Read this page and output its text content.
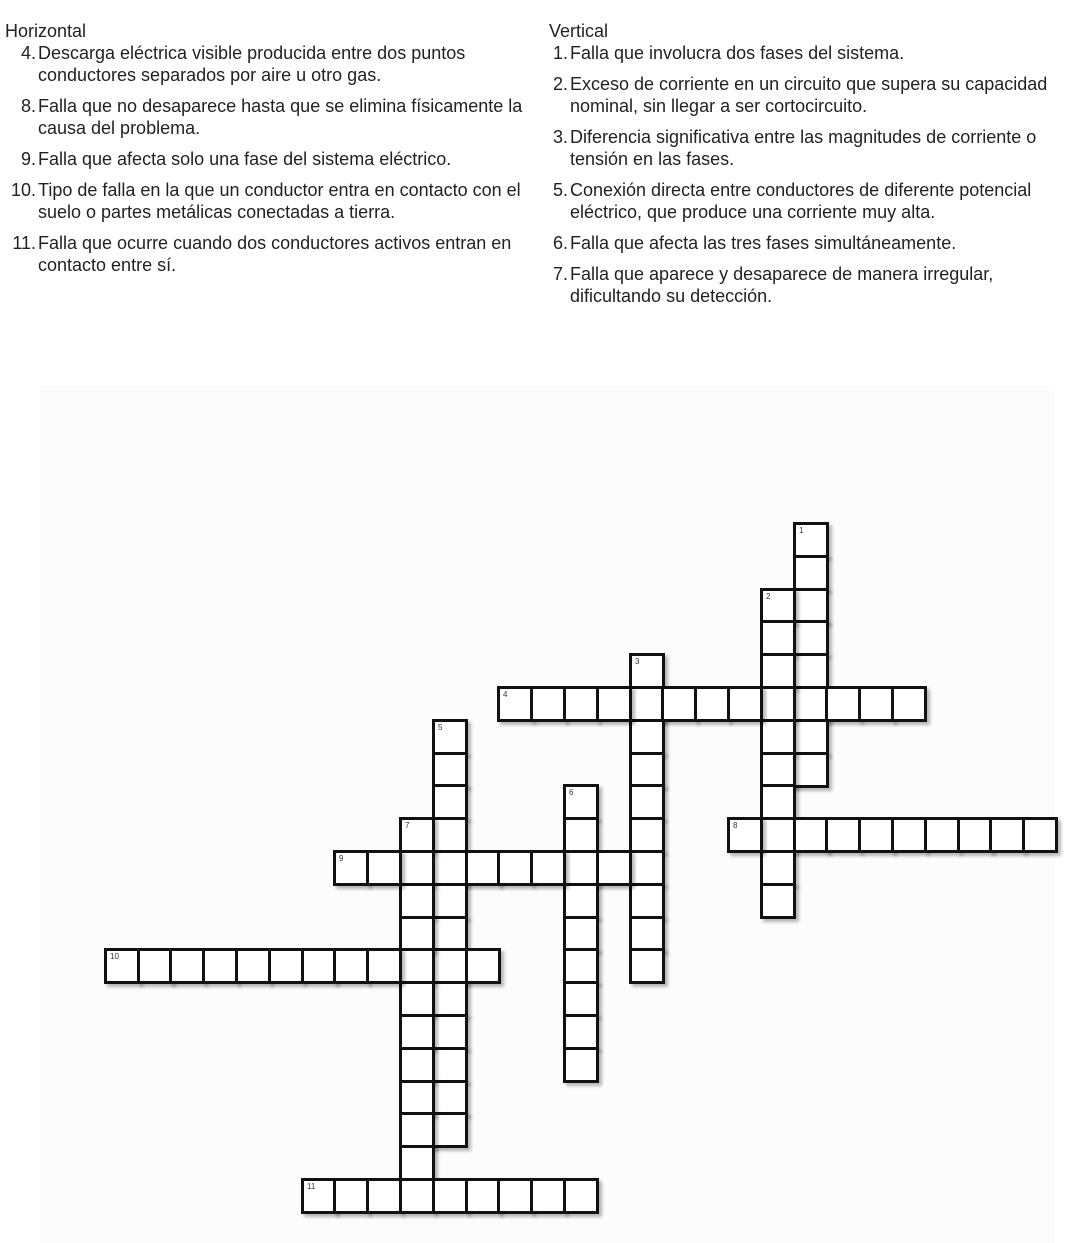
Horizontal
4. Descarga eléctrica visible producida entre dos puntos conductores separados por aire u otro gas.
8. Falla que no desaparece hasta que se elimina físicamente la causa del problema.
9. Falla que afecta solo una fase del sistema eléctrico.
10. Tipo de falla en la que un conductor entra en contacto con el suelo o partes metálicas conectadas a tierra.
11. Falla que ocurre cuando dos conductores activos entran en contacto entre sí.
Vertical
1. Falla que involucra dos fases del sistema.
2. Exceso de corriente en un circuito que supera su capacidad nominal, sin llegar a ser cortocircuito.
3. Diferencia significativa entre las magnitudes de corriente o tensión en las fases.
5. Conexión directa entre conductores de diferente potencial eléctrico, que produce una corriente muy alta.
6. Falla que afecta las tres fases simultáneamente.
7. Falla que aparece y desaparece de manera irregular, dificultando su detección.
1
2
3
4
5
6
7	8
9
10
11
